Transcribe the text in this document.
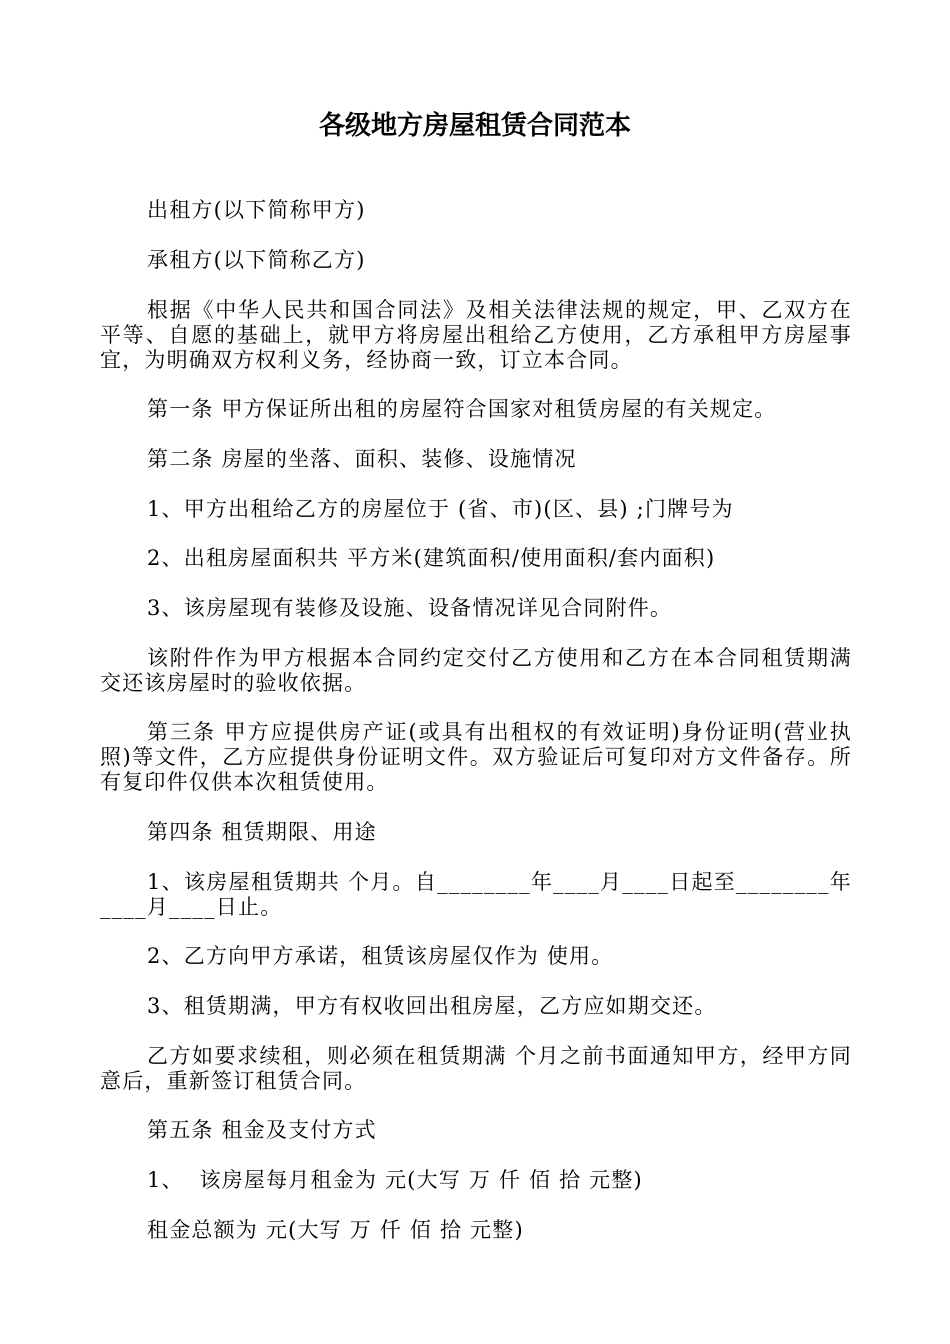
各级地方房屋租赁合同范本

出租方(以下简称甲方)

承租方(以下简称乙方)

根据《中华人民共和国合同法》及相关法律法规的规定，甲、乙双方在平等、自愿的基础上，就甲方将房屋出租给乙方使用，乙方承租甲方房屋事宜，为明确双方权利义务，经协商一致，订立本合同。

第一条 甲方保证所出租的房屋符合国家对租赁房屋的有关规定。

第二条 房屋的坐落、面积、装修、设施情况

1、甲方出租给乙方的房屋位于 (省、市)(区、县) ;门牌号为

2、出租房屋面积共 平方米(建筑面积/使用面积/套内面积)

3、该房屋现有装修及设施、设备情况详见合同附件。

该附件作为甲方根据本合同约定交付乙方使用和乙方在本合同租赁期满交还该房屋时的验收依据。

第三条 甲方应提供房产证(或具有出租权的有效证明)身份证明(营业执照)等文件，乙方应提供身份证明文件。双方验证后可复印对方文件备存。所有复印件仅供本次租赁使用。

第四条 租赁期限、用途

1、该房屋租赁期共 个月。自________年____月____日起至________年____月____日止。

2、乙方向甲方承诺，租赁该房屋仅作为 使用。

3、租赁期满，甲方有权收回出租房屋，乙方应如期交还。

乙方如要求续租，则必须在租赁期满 个月之前书面通知甲方，经甲方同意后，重新签订租赁合同。

第五条 租金及支付方式

1、  该房屋每月租金为 元(大写 万 仟 佰 拾 元整)

租金总额为 元(大写 万 仟 佰 拾 元整)
